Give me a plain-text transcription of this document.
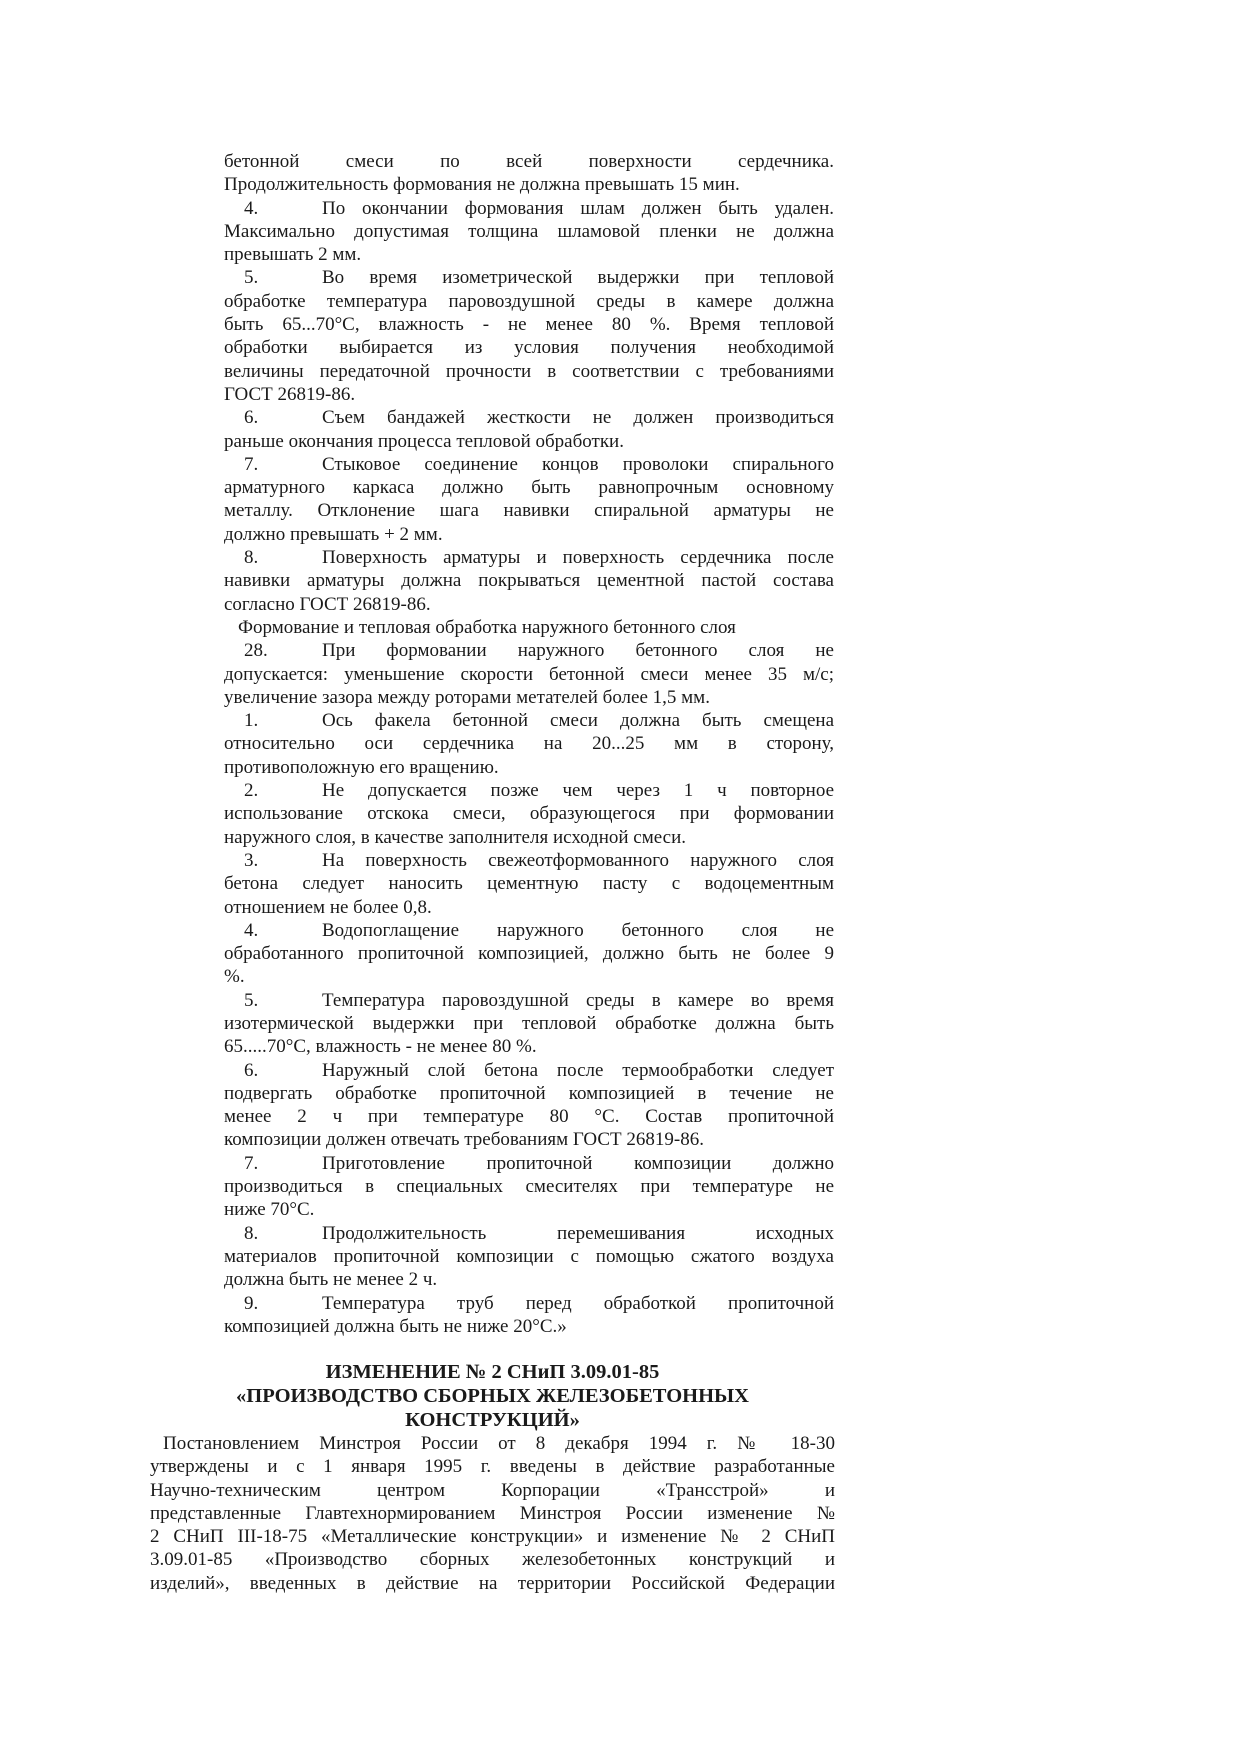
бетонной смеси по всей поверхности сердечника.
Продолжительность формования не должна превышать 15 мин.
4.	По окончании формования шлам должен быть удален.
Максимально допустимая толщина шламовой пленки не должна
превышать 2 мм.
5.	Во время изометрической выдержки при тепловой
обработке температура паровоздушной среды в камере должна
быть 65...70°С, влажность - не менее 80 %. Время тепловой
обработки выбирается из условия получения необходимой
величины передаточной прочности в соответствии с требованиями
ГОСТ 26819-86.
6.	Съем бандажей жесткости не должен производиться
раньше окончания процесса тепловой обработки.
7.	Стыковое соединение концов проволоки спирального
арматурного каркаса должно быть равнопрочным основному
металлу. Отклонение шага навивки спиральной арматуры не
должно превышать + 2 мм.
8.	Поверхность арматуры и поверхность сердечника после
навивки арматуры должна покрываться цементной пастой состава
согласно ГОСТ 26819-86.
Формование и тепловая обработка наружного бетонного слоя
28.	При формовании наружного бетонного слоя не
допускается: уменьшение скорости бетонной смеси менее 35 м/с;
увеличение зазора между роторами метателей более 1,5 мм.
1.	Ось факела бетонной смеси должна быть смещена
относительно оси сердечника на 20...25 мм в сторону,
противоположную его вращению.
2.	Не допускается позже чем через 1 ч повторное
использование отскока смеси, образующегося при формовании
наружного слоя, в качестве заполнителя исходной смеси.
3.	На поверхность свежеотформованного наружного слоя
бетона следует наносить цементную пасту с водоцементным
отношением не более 0,8.
4.	Водопоглащение наружного бетонного слоя не
обработанного пропиточной композицией, должно быть не более 9
%.
5.	Температура паровоздушной среды в камере во время
изотермической выдержки при тепловой обработке должна быть
65.....70°С, влажность - не менее 80 %.
6.	Наружный слой бетона после термообработки следует
подвергать обработке пропиточной композицией в течение не
менее 2 ч при температуре 80 °С. Состав пропиточной
композиции должен отвечать требованиям ГОСТ 26819-86.
7.	Приготовление пропиточной композиции должно
производиться в специальных смесителях при температуре не
ниже 70°С.
8.	Продолжительность перемешивания исходных
материалов пропиточной композиции с помощью сжатого воздуха
должна быть не менее 2 ч.
9.	Температура труб перед обработкой пропиточной
композицией должна быть не ниже 20°С.»
ИЗМЕНЕНИЕ № 2 СНиП 3.09.01-85
«ПРОИЗВОДСТВО СБОРНЫХ ЖЕЛЕЗОБЕТОННЫХ
КОНСТРУКЦИЙ»
Постановлением Минстроя России от 8 декабря 1994 г. № 18-30
утверждены и с 1 января 1995 г. введены в действие разработанные
Научно-техническим центром Корпорации «Трансстрой» и
представленные Главтехнормированием Минстроя России изменение №
2 СНиП III-18-75 «Металлические конструкции» и изменение № 2 СНиП
3.09.01-85 «Производство сборных железобетонных конструкций и
изделий», введенных в действие на территории Российской Федерации
